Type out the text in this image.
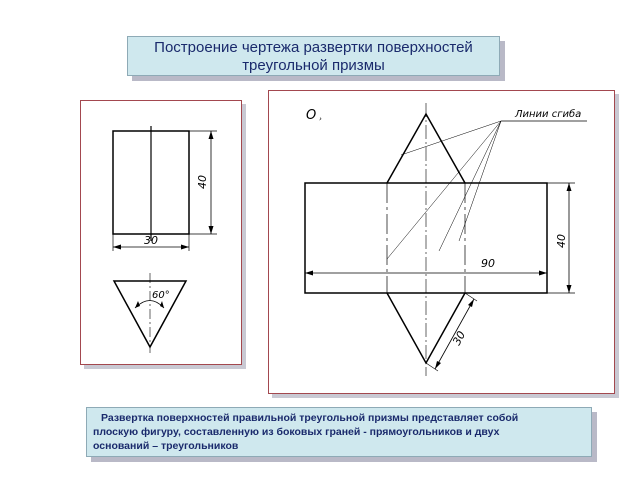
Построение чертежа развертки поверхностей
треугольной призмы
40
30
60°
O ›	Линии сгиба
40
90
30
Развертка поверхностей правильной треугольной призмы представляет собой
плоскую фигуру, составленную из боковых граней - прямоугольников и двух
оснований – треугольников
